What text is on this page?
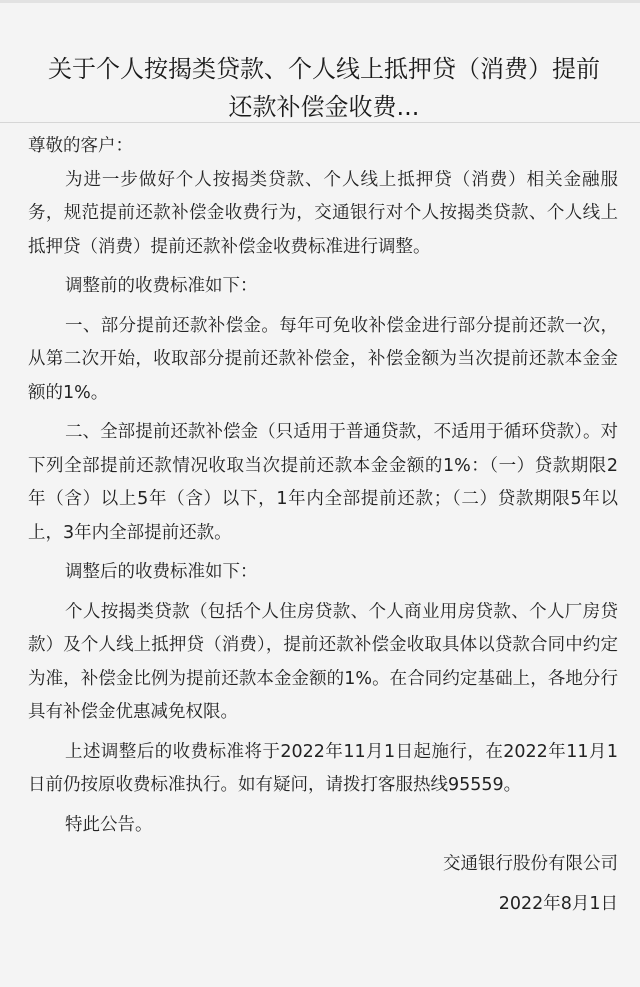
关于个人按揭类贷款、个人线上抵押贷（消费）提前还款补偿金收费...

尊敬的客户：

为进一步做好个人按揭类贷款、个人线上抵押贷（消费）相关金融服务，规范提前还款补偿金收费行为，交通银行对个人按揭类贷款、个人线上抵押贷（消费）提前还款补偿金收费标准进行调整。

调整前的收费标准如下：

一、部分提前还款补偿金。每年可免收补偿金进行部分提前还款一次，从第二次开始，收取部分提前还款补偿金，补偿金额为当次提前还款本金金额的1%。

二、全部提前还款补偿金（只适用于普通贷款，不适用于循环贷款）。对下列全部提前还款情况收取当次提前还款本金金额的1%：（一）贷款期限2年（含）以上5年（含）以下，1年内全部提前还款；（二）贷款期限5年以上，3年内全部提前还款。

调整后的收费标准如下：

个人按揭类贷款（包括个人住房贷款、个人商业用房贷款、个人厂房贷款）及个人线上抵押贷（消费），提前还款补偿金收取具体以贷款合同中约定为准，补偿金比例为提前还款本金金额的1%。在合同约定基础上，各地分行具有补偿金优惠减免权限。

上述调整后的收费标准将于2022年11月1日起施行，在2022年11月1日前仍按原收费标准执行。如有疑问，请拨打客服热线95559。

特此公告。

交通银行股份有限公司

2022年8月1日
